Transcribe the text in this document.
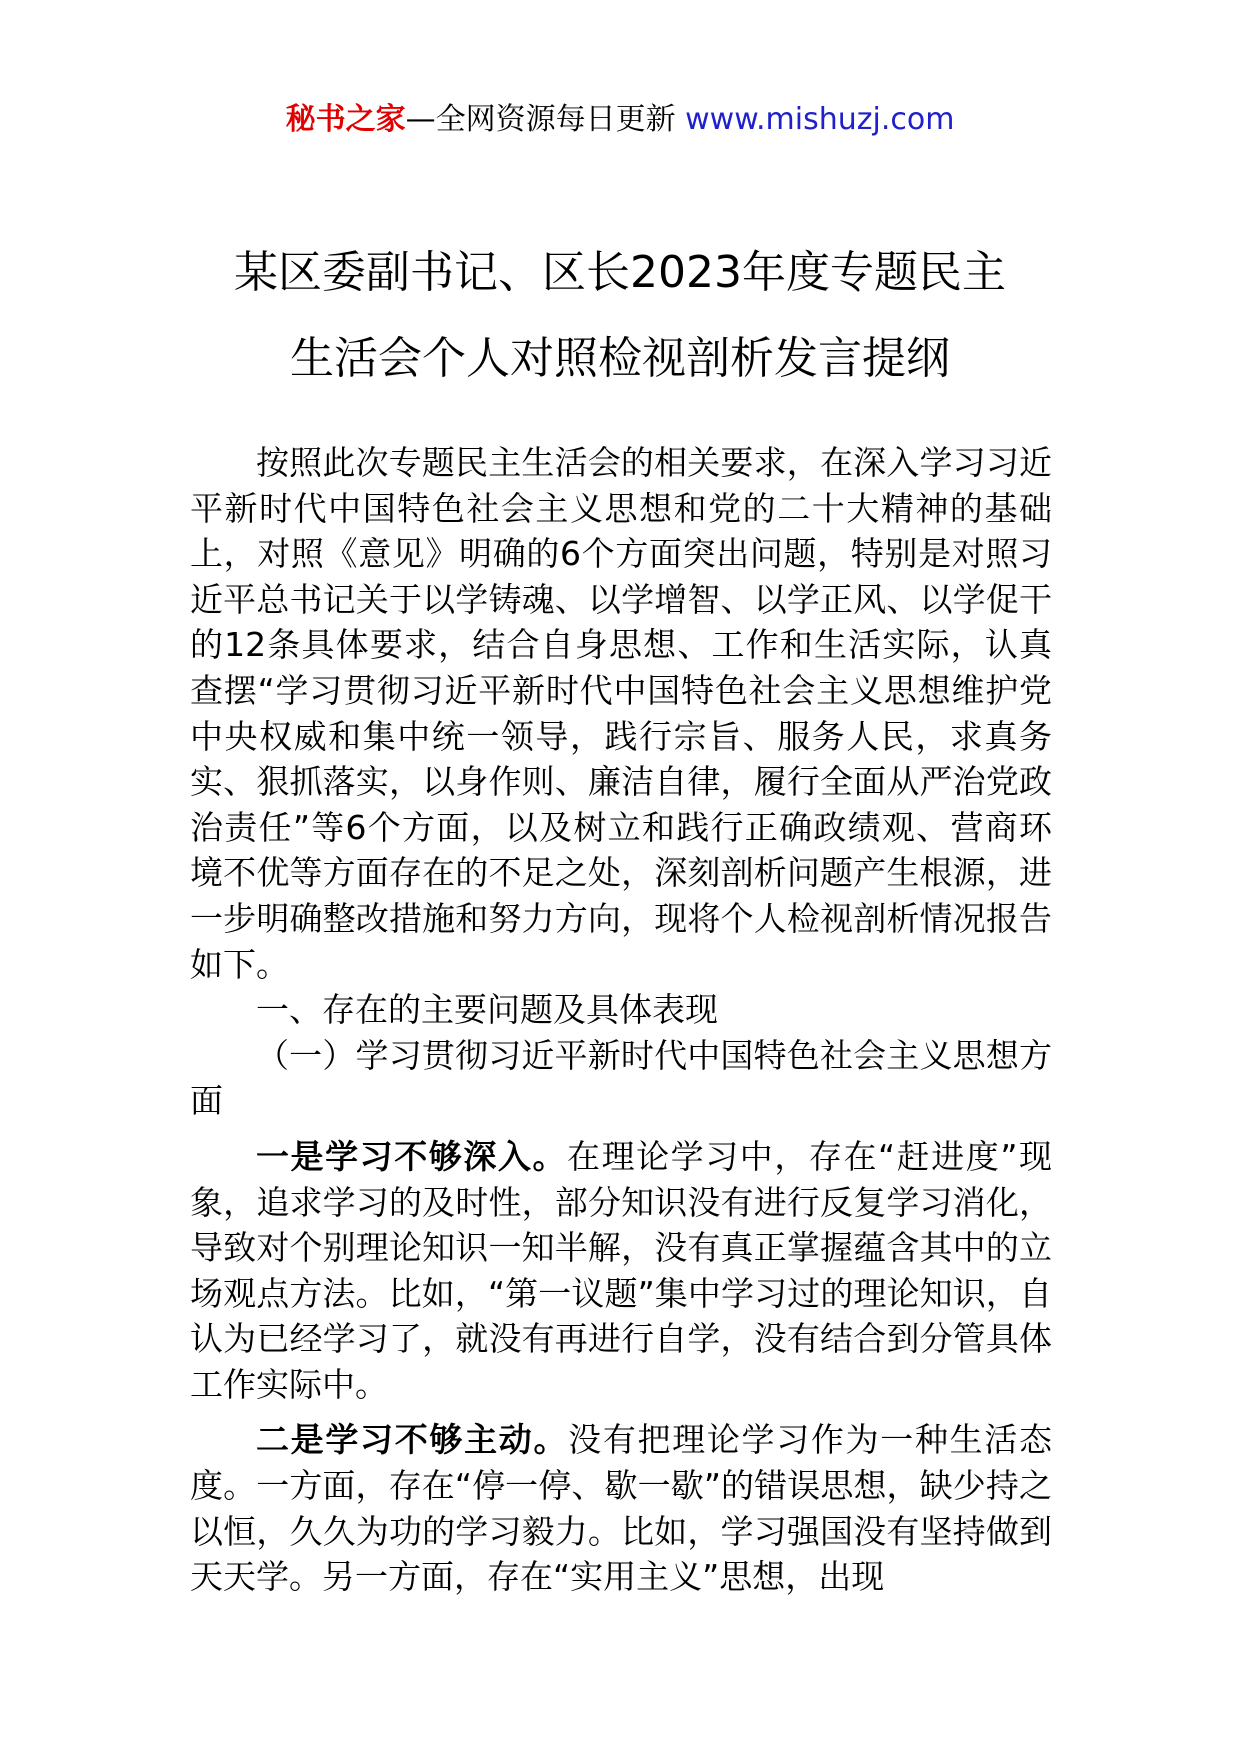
秘书之家—全网资源每日更新 www.mishuzj.com

某区委副书记、区长2023年度专题民主

生活会个人对照检视剖析发言提纲

按照此次专题民主生活会的相关要求，在深入学习习近平新时代中国特色社会主义思想和党的二十大精神的基础上，对照《意见》明确的6个方面突出问题，特别是对照习近平总书记关于以学铸魂、以学增智、以学正风、以学促干的12条具体要求，结合自身思想、工作和生活实际，认真查摆“学习贯彻习近平新时代中国特色社会主义思想维护党中央权威和集中统一领导，践行宗旨、服务人民，求真务实、狠抓落实，以身作则、廉洁自律，履行全面从严治党政治责任”等6个方面，以及树立和践行正确政绩观、营商环境不优等方面存在的不足之处，深刻剖析问题产生根源，进一步明确整改措施和努力方向，现将个人检视剖析情况报告如下。

一、存在的主要问题及具体表现

（一）学习贯彻习近平新时代中国特色社会主义思想方面

一是学习不够深入。在理论学习中，存在“赶进度”现象，追求学习的及时性，部分知识没有进行反复学习消化，导致对个别理论知识一知半解，没有真正掌握蕴含其中的立场观点方法。比如，“第一议题”集中学习过的理论知识，自认为已经学习了，就没有再进行自学，没有结合到分管具体工作实际中。

二是学习不够主动。没有把理论学习作为一种生活态度。一方面，存在“停一停、歇一歇”的错误思想，缺少持之以恒，久久为功的学习毅力。比如，学习强国没有坚持做到天天学。另一方面，存在“实用主义”思想，出现
